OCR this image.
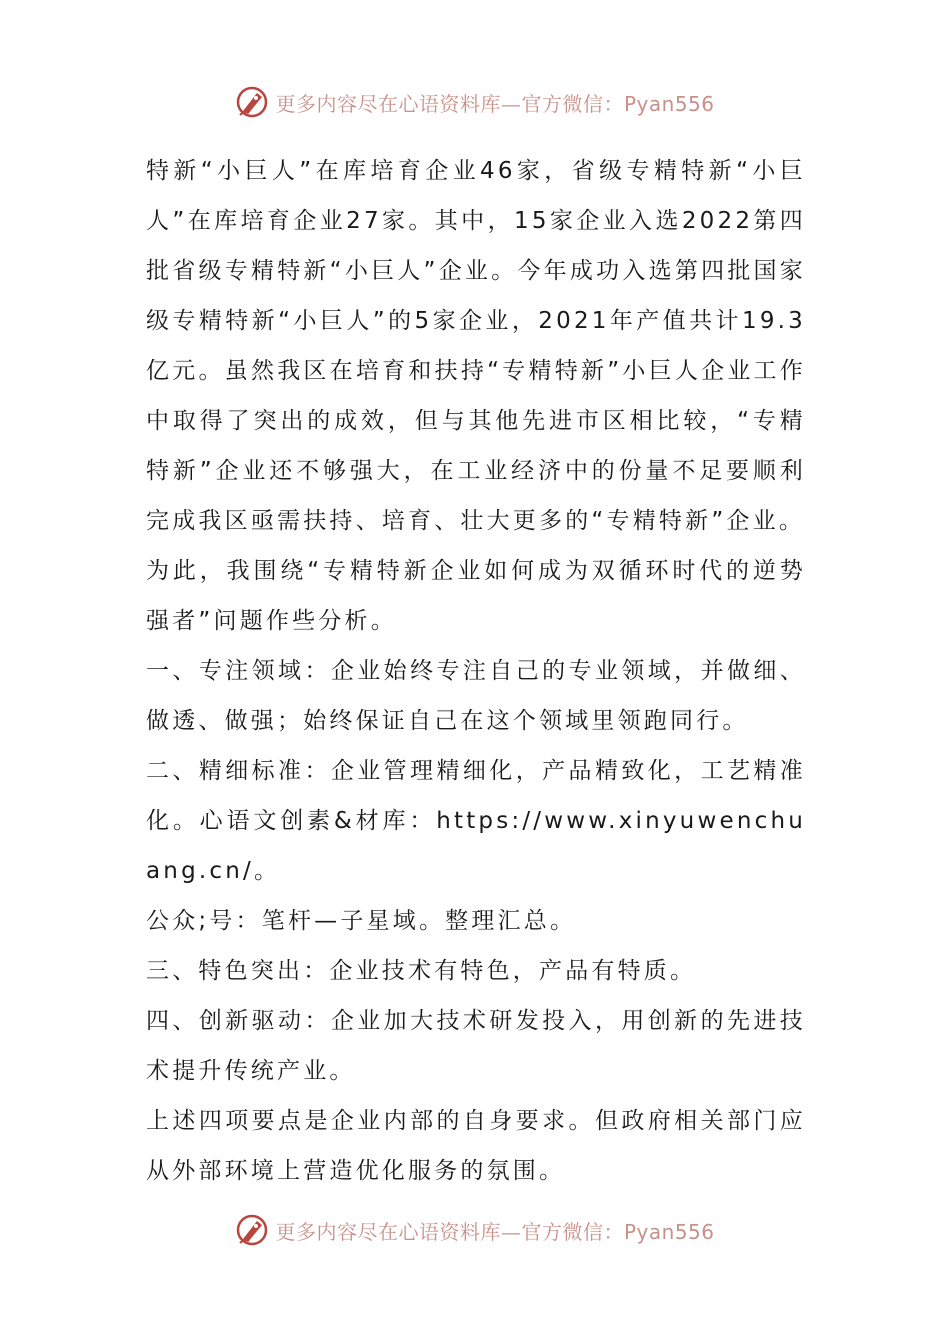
更多内容尽在心语资料库—官方微信：Pyan556

特新“小巨人”在库培育企业46家，省级专精特新“小巨人”在库培育企业27家。其中，15家企业入选2022第四批省级专精特新“小巨人”企业。今年成功入选第四批国家级专精特新“小巨人”的5家企业，2021年产值共计19.3亿元。虽然我区在培育和扶持“专精特新”小巨人企业工作中取得了突出的成效，但与其他先进市区相比较，“专精特新”企业还不够强大，在工业经济中的份量不足要顺利完成我区亟需扶持、培育、壮大更多的“专精特新”企业。

为此，我围绕“专精特新企业如何成为双循环时代的逆势强者”问题作些分析。

一、专注领域：企业始终专注自己的专业领域，并做细、做透、做强；始终保证自己在这个领域里领跑同行。

二、精细标准：企业管理精细化，产品精致化，工艺精准化。心语文创素&材库：https://www.xinyuwenchuang.cn/。

公众;号：笔杆—子星域。整理汇总。

三、特色突出：企业技术有特色，产品有特质。

四、创新驱动：企业加大技术研发投入，用创新的先进技术提升传统产业。

上述四项要点是企业内部的自身要求。但政府相关部门应从外部环境上营造优化服务的氛围。

更多内容尽在心语资料库—官方微信：Pyan556
